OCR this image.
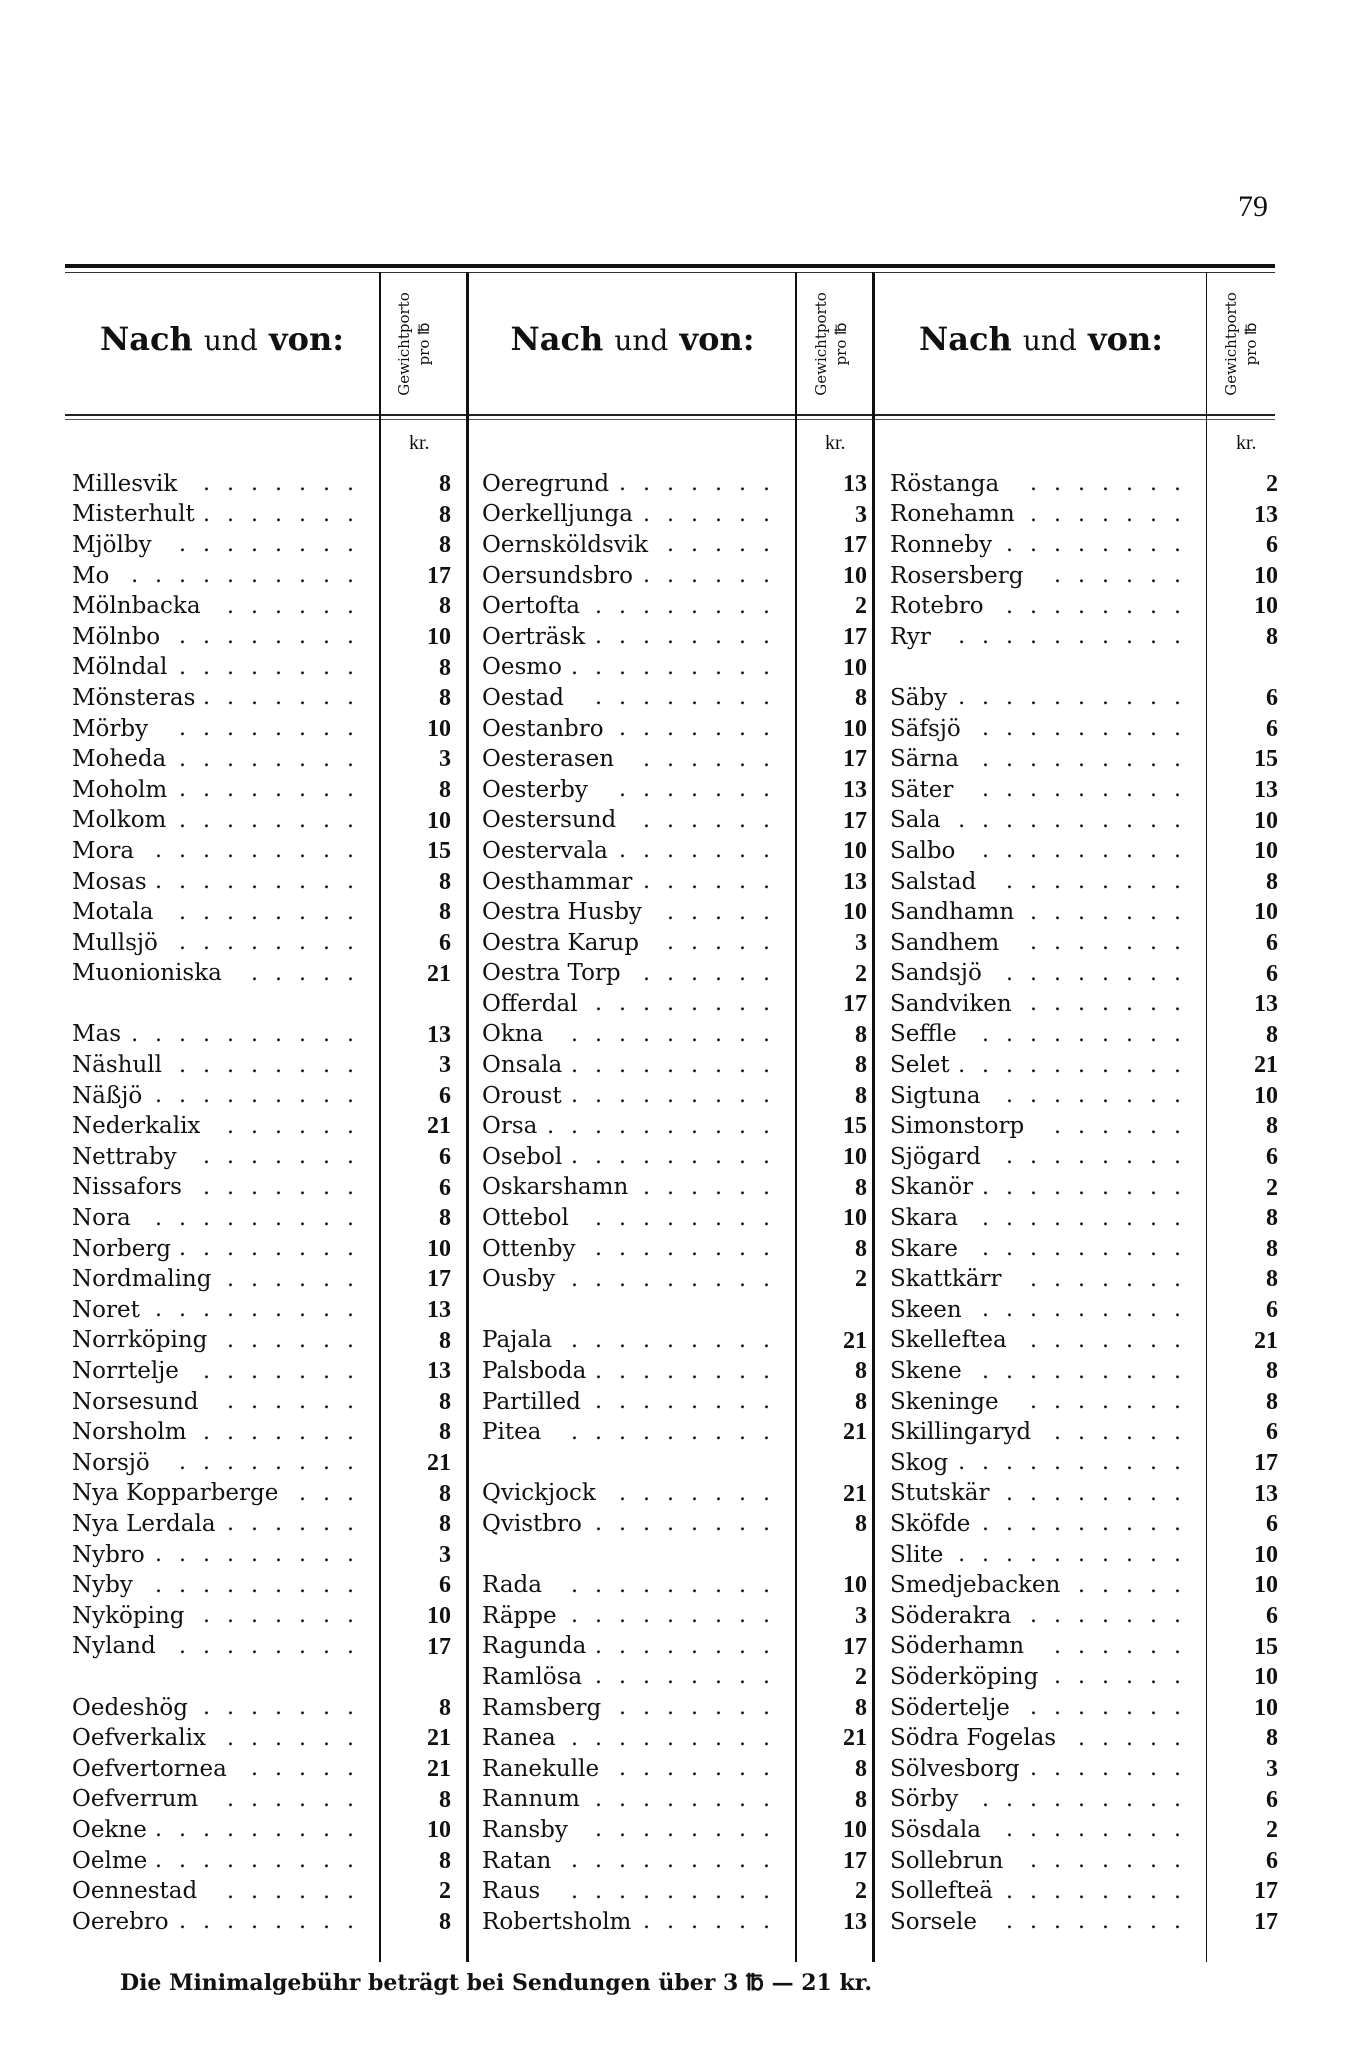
79
Nach und von:	Gewichtporto pro ℔
kr.
Nach und von:	Gewichtporto pro ℔
kr.
Nach und von:	Gewichtporto pro ℔
kr.
Millesvik .......	8
Misterhult .......	8
Mjölby ........	8
Mo ..........	17
Mölnbacka ......	8
Mölnbo ........	10
Mölndal ........	8
Mönsteras .......	8
Mörby ........	10
Moheda ........	3
Moholm ........	8
Molkom ........	10
Mora .........	15
Mosas .........	8
Motala ........	8
Mullsjö ........	6
Muonioniska .....	21
Mas ..........	13
Näshull ........	3
Näßjö .........	6
Nederkalix ......	21
Nettraby .......	6
Nissafors .......	6
Nora .........	8
Norberg ........	10
Nordmaling ......	17
Noret .........	13
Norrköping ......	8
Norrtelje .......	13
Norsesund ......	8
Norsholm .......	8
Norsjö ........	21
Nya Kopparberge ...	8
Nya Lerdala ......	8
Nybro .........	3
Nyby .........	6
Nyköping .......	10
Nyland ........	17
Oedeshög .......	8
Oefverkalix ......	21
Oefvertornea .....	21
Oefverrum ......	8
Oekne .........	10
Oelme .........	8
Oennestad ......	2
Oerebro ........	8
Oeregrund .......	13
Oerkelljunga ......	3
Oernsköldsvik .....	17
Oersundsbro ......	10
Oertofta ........	2
Oerträsk ........	17
Oesmo .........	10
Oestad ........	8
Oestanbro .......	10
Oesterasen ......	17
Oesterby .......	13
Oestersund ......	17
Oestervala .......	10
Oesthammar ......	13
Oestra Husby .....	10
Oestra Karup .....	3
Oestra Torp ......	2
Offerdal ........	17
Okna .........	8
Onsala .........	8
Oroust .........	8
Orsa ..........	15
Osebol .........	10
Oskarshamn ......	8
Ottebol ........	10
Ottenby ........	8
Ousby .........	2
Pajala .........	21
Palsboda ........	8
Partilled ........	8
Pitea .........	21
Qvickjock .......	21
Qvistbro ........	8
Rada .........	10
Räppe .........	3
Ragunda ........	17
Ramlösa ........	2
Ramsberg .......	8
Ranea .........	21
Ranekulle .......	8
Rannum ........	8
Ransby ........	10
Ratan .........	17
Raus .........	2
Robertsholm ......	13
Röstanga .......	2
Ronehamn .......	13
Ronneby ........	6
Rosersberg ......	10
Rotebro ........	10
Ryr ..........	8
Säby ..........	6
Säfsjö .........	6
Särna .........	15
Säter .........	13
Sala ..........	10
Salbo .........	10
Salstad ........	8
Sandhamn .......	10
Sandhem .......	6
Sandsjö ........	6
Sandviken .......	13
Seffle .........	8
Selet ..........	21
Sigtuna ........	10
Simonstorp ......	8
Sjögard ........	6
Skanör .........	2
Skara .........	8
Skare .........	8
Skattkärr .......	8
Skeen .........	6
Skelleftea .......	21
Skene .........	8
Skeninge .......	8
Skillingaryd ......	6
Skog ..........	17
Stutskär ........	13
Sköfde .........	6
Slite ..........	10
Smedjebacken .....	10
Söderakra .......	6
Söderhamn ......	15
Söderköping ......	10
Södertelje .......	10
Södra Fogelas .....	8
Sölvesborg .......	3
Sörby .........	6
Sösdala ........	2
Sollebrun .......	6
Sollefteä ........	17
Sorsele ........	17
Die Minimalgebühr beträgt bei Sendungen über 3 ℔ — 21 kr.
